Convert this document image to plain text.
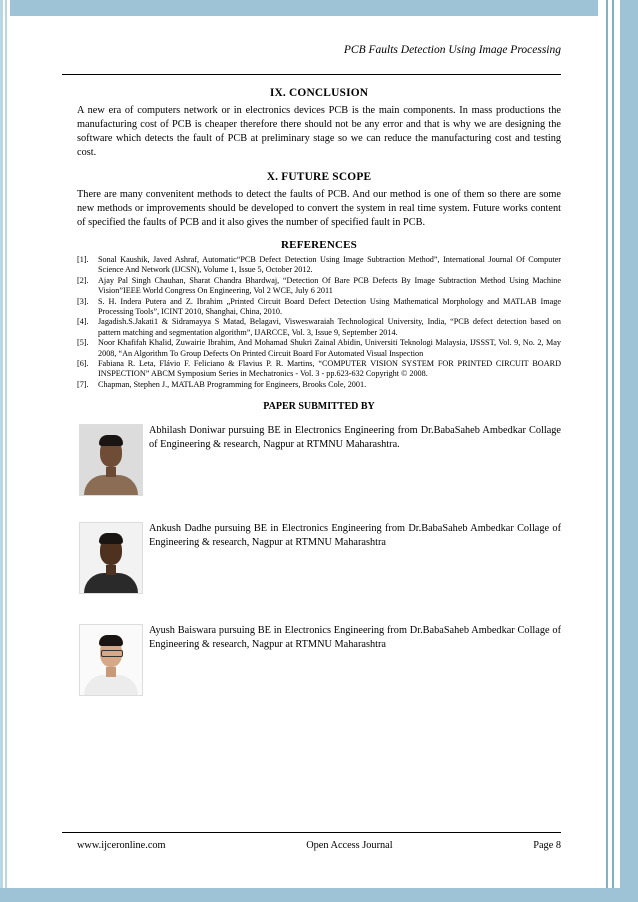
PCB Faults Detection Using Image Processing
IX. CONCLUSION

A new era of computers network or in electronics devices PCB is the main components. In mass productions the manufacturing cost of PCB is cheaper therefore there should not be any error and that is why we are designing the software which detects the fault of PCB at preliminary stage so we can reduce the manufacturing cost and testing cost.

X. FUTURE SCOPE

There are many convenitent methods to detect the faults of PCB. And our method is one of them so there are some new methods or improvements should be developed to convert the system in real time system. Future works content of specified the faults of PCB and it also gives the number of specified fault in PCB.

REFERENCES
[1].	Sonal Kaushik, Javed Ashraf, Automatic“PCB Defect Detection Using Image Subtraction Method”, International Journal Of Computer Science And Network (IJCSN), Volume 1, Issue 5, October 2012.
[2].	Ajay Pal Singh Chauhan, Sharat Chandra Bhardwaj, “Detection Of Bare PCB Defects By Image Subtraction Method Using Machine Vision”IEEE World Congress On Engineering, Vol 2 WCE, July 6 2011
[3].	S. H. Indera Putera and Z. Ibrahim „Printed Circuit Board Defect Detection Using Mathematical Morphology and MATLAB Image Processing Tools”, ICINT 2010, Shanghai, China, 2010.
[4].	Jagadish.S.Jakati1 & Sidramayya S Matad, Belagavi, Visweswaraiah Technological University, India, “PCB defect detection based on pattern matching and segmentation algorithm”, IJARCCE, Vol. 3, Issue 9, September 2014.
[5].	Noor Khafifah Khalid, Zuwairie Ibrahim, And Mohamad Shukri Zainal Abidin, Universiti Teknologi Malaysia, IJSSST, Vol. 9, No. 2, May 2008, “An Algorithm To Group Defects On Printed Circuit Board For Automated Visual Inspection
[6].	Fabiana R. Leta, Flávio F. Feliciano & Flavius P. R. Martins, “COMPUTER VISION SYSTEM FOR PRINTED CIRCUIT BOARD INSPECTION” ABCM Symposium Series in Mechatronics - Vol. 3 - pp.623-632 Copyright © 2008.
[7].	Chapman, Stephen J., MATLAB Programming for Engineers, Brooks Cole, 2001.
PAPER SUBMITTED BY
Abhilash Doniwar pursuing BE in Electronics Engineering from Dr.BabaSaheb Ambedkar Collage of Engineering & research, Nagpur at RTMNU Maharashtra.
Ankush Dadhe pursuing BE in Electronics Engineering from Dr.BabaSaheb Ambedkar Collage of Engineering & research, Nagpur at RTMNU Maharashtra
Ayush Baiswara pursuing BE in Electronics Engineering from Dr.BabaSaheb Ambedkar Collage of Engineering & research, Nagpur at RTMNU Maharashtra
www.ijceronline.com	Open Access Journal	Page 8
